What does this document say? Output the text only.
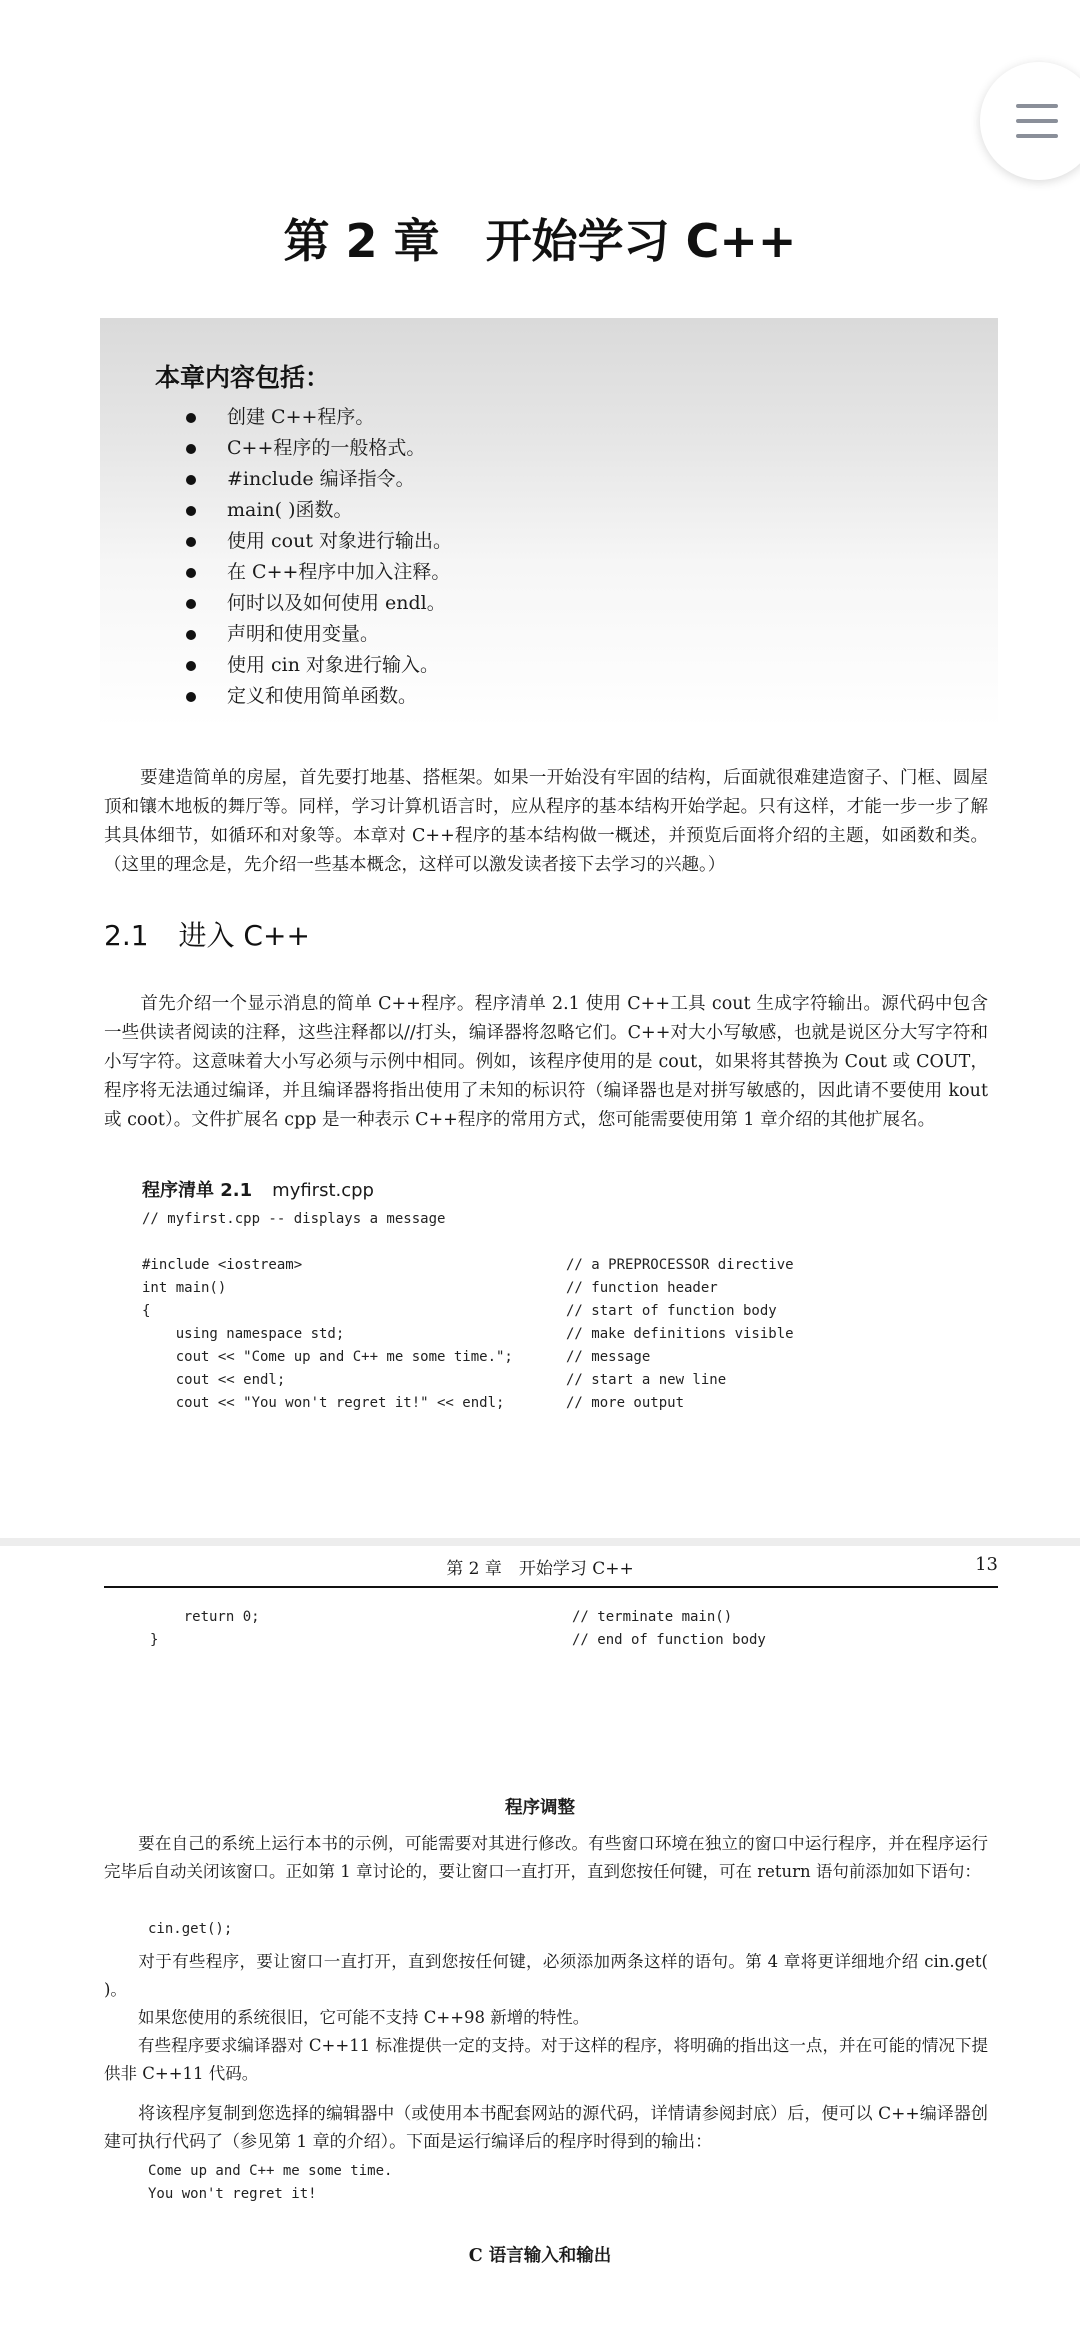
第 2 章　开始学习 C++
本章内容包括：
创建 C++程序。
C++程序的一般格式。
#include 编译指令。
main( )函数。
使用 cout 对象进行输出。
在 C++程序中加入注释。
何时以及如何使用 endl。
声明和使用变量。
使用 cin 对象进行输入。
定义和使用简单函数。

要建造简单的房屋，首先要打地基、搭框架。如果一开始没有牢固的结构，后面就很难建造窗子、门框、圆屋顶和镶木地板的舞厅等。同样，学习计算机语言时，应从程序的基本结构开始学起。只有这样，才能一步一步了解其具体细节，如循环和对象等。本章对 C++程序的基本结构做一概述，并预览后面将介绍的主题，如函数和类。（这里的理念是，先介绍一些基本概念，这样可以激发读者接下去学习的兴趣。）

2.1 进入 C++

首先介绍一个显示消息的简单 C++程序。程序清单 2.1 使用 C++工具 cout 生成字符输出。源代码中包含一些供读者阅读的注释，这些注释都以//打头，编译器将忽略它们。C++对大小写敏感，也就是说区分大写字符和小写字符。这意味着大小写必须与示例中相同。例如，该程序使用的是 cout，如果将其替换为 Cout 或 COUT，程序将无法通过编译，并且编译器将指出使用了未知的标识符（编译器也是对拼写敏感的，因此请不要使用 kout 或 coot）。文件扩展名 cpp 是一种表示 C++程序的常用方式，您可能需要使用第 1 章介绍的其他扩展名。

程序清单 2.1 myfirst.cpp
// myfirst.cpp -- displays a message
#include <iostream>
int main()
{
using namespace std;
cout << "Come up and C++ me some time.";
cout << endl;
cout << "You won't regret it!" << endl;
// a PREPROCESSOR directive
// function header
// start of function body
// make definitions visible
// message
// start a new line
// more output
第 2 章　开始学习 C++	13
return 0;
}
// terminate main()
// end of function body
程序调整

要在自己的系统上运行本书的示例，可能需要对其进行修改。有些窗口环境在独立的窗口中运行程序，并在程序运行完毕后自动关闭该窗口。正如第 1 章讨论的，要让窗口一直打开，直到您按任何键，可在 return 语句前添加如下语句：

cin.get();

对于有些程序，要让窗口一直打开，直到您按任何键，必须添加两条这样的语句。第 4 章将更详细地介绍 cin.get( )。

如果您使用的系统很旧，它可能不支持 C++98 新增的特性。

有些程序要求编译器对 C++11 标准提供一定的支持。对于这样的程序，将明确的指出这一点，并在可能的情况下提供非 C++11 代码。

将该程序复制到您选择的编辑器中（或使用本书配套网站的源代码，详情请参阅封底）后，便可以 C++编译器创建可执行代码了（参见第 1 章的介绍）。下面是运行编译后的程序时得到的输出：

Come up and C++ me some time.
You won't regret it!
C 语言输入和输出
